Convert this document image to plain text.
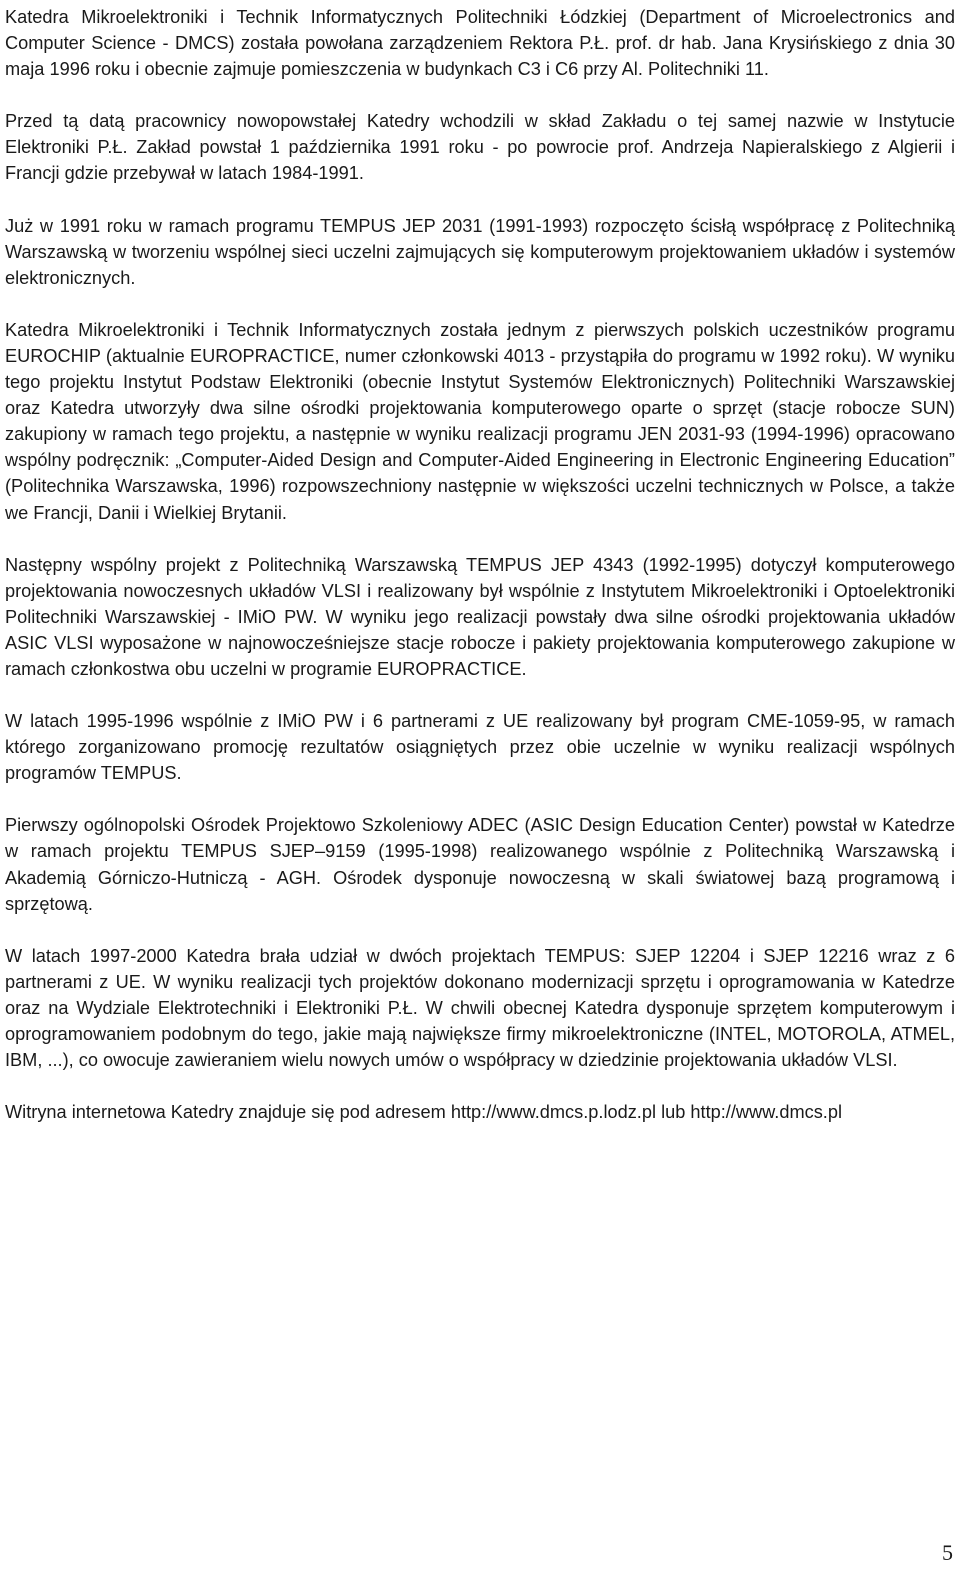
Katedra Mikroelektroniki i Technik Informatycznych Politechniki Łódzkiej (Department of Microelectronics and Computer Science - DMCS) została powołana zarządzeniem Rektora P.Ł. prof. dr hab. Jana Krysińskiego z dnia 30 maja 1996 roku i obecnie zajmuje pomieszczenia w budynkach C3 i C6 przy Al. Politechniki 11.

Przed tą datą pracownicy nowopowstałej Katedry wchodzili w skład Zakładu o tej samej nazwie w Instytucie Elektroniki P.Ł. Zakład powstał 1 października 1991 roku - po powrocie prof. Andrzeja Napieralskiego z Algierii i Francji gdzie przebywał w latach 1984-1991.

Już w 1991 roku w ramach programu TEMPUS JEP 2031 (1991-1993) rozpoczęto ścisłą współpracę z Politechniką Warszawską w tworzeniu wspólnej sieci uczelni zajmujących się komputerowym projektowaniem układów i systemów elektronicznych.

Katedra Mikroelektroniki i Technik Informatycznych została jednym z pierwszych polskich uczestników programu EUROCHIP (aktualnie EUROPRACTICE, numer członkowski 4013 - przystąpiła do programu w 1992 roku). W wyniku tego projektu Instytut Podstaw Elektroniki (obecnie Instytut Systemów Elektronicznych) Politechniki Warszawskiej oraz Katedra utworzyły dwa silne ośrodki projektowania komputerowego oparte o sprzęt (stacje robocze SUN) zakupiony w ramach tego projektu, a następnie w wyniku realizacji programu JEN 2031-93 (1994-1996) opracowano wspólny podręcznik: „Computer-Aided Design and Computer-Aided Engineering in Electronic Engineering Education” (Politechnika Warszawska, 1996) rozpowszechniony następnie w większości uczelni technicznych w Polsce, a także we Francji, Danii i Wielkiej Brytanii.

Następny wspólny projekt z Politechniką Warszawską TEMPUS JEP 4343 (1992-1995) dotyczył komputerowego projektowania nowoczesnych układów VLSI i realizowany był wspólnie z Instytutem Mikroelektroniki i Optoelektroniki Politechniki Warszawskiej - IMiO PW. W wyniku jego realizacji powstały dwa silne ośrodki projektowania układów ASIC VLSI wyposażone w najnowocześniejsze stacje robocze i pakiety projektowania komputerowego zakupione w ramach członkostwa obu uczelni w programie EUROPRACTICE.

W latach 1995-1996 wspólnie z IMiO PW i 6 partnerami z UE realizowany był program CME-1059-95, w ramach którego zorganizowano promocję rezultatów osiągniętych przez obie uczelnie w wyniku realizacji wspólnych programów TEMPUS.

Pierwszy ogólnopolski Ośrodek Projektowo Szkoleniowy ADEC (ASIC Design Education Center) powstał w Katedrze w ramach projektu TEMPUS SJEP–9159 (1995-1998) realizowanego wspólnie z Politechniką Warszawską i Akademią Górniczo-Hutniczą - AGH. Ośrodek dysponuje nowoczesną w skali światowej bazą programową i sprzętową.

W latach 1997-2000 Katedra brała udział w dwóch projektach TEMPUS: SJEP 12204 i SJEP 12216 wraz z 6 partnerami z UE. W wyniku realizacji tych projektów dokonano modernizacji sprzętu i oprogramowania w Katedrze oraz na Wydziale Elektrotechniki i Elektroniki P.Ł. W chwili obecnej Katedra dysponuje sprzętem komputerowym i oprogramowaniem podobnym do tego, jakie mają największe firmy mikroelektroniczne (INTEL, MOTOROLA, ATMEL, IBM, ...), co owocuje zawieraniem wielu nowych umów o współpracy w dziedzinie projektowania układów VLSI.

Witryna internetowa Katedry znajduje się pod adresem http://www.dmcs.p.lodz.pl lub http://www.dmcs.pl

5
